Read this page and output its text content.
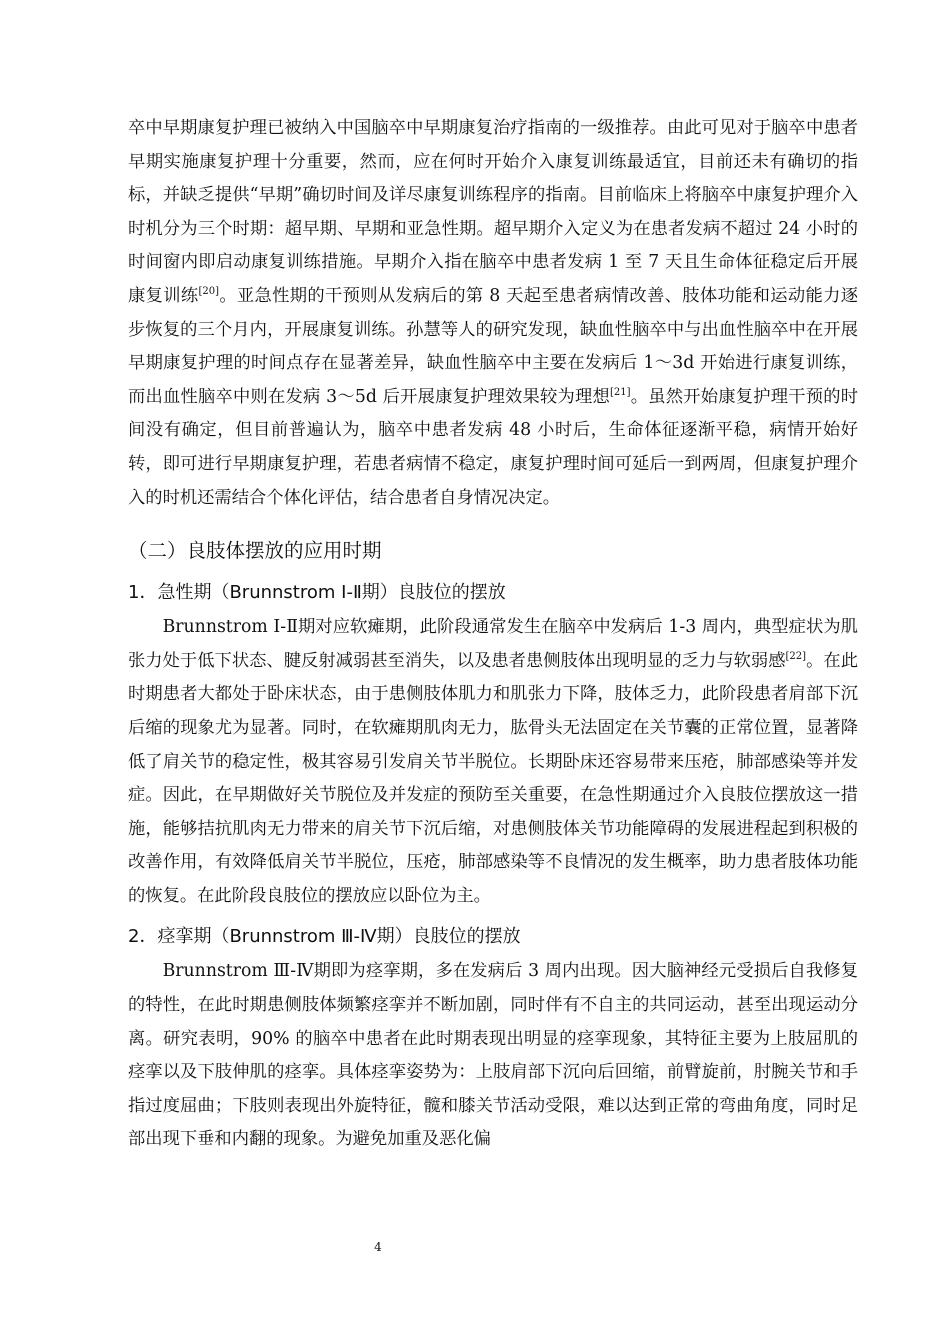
卒中早期康复护理已被纳入中国脑卒中早期康复治疗指南的一级推荐。由此可见对于脑卒中患者早期实施康复护理十分重要，然而，应在何时开始介入康复训练最适宜，目前还未有确切的指标，并缺乏提供“早期”确切时间及详尽康复训练程序的指南。目前临床上将脑卒中康复护理介入时机分为三个时期：超早期、早期和亚急性期。超早期介入定义为在患者发病不超过 24 小时的时间窗内即启动康复训练措施。早期介入指在脑卒中患者发病 1 至 7 天且生命体征稳定后开展康复训练[20]。亚急性期的干预则从发病后的第 8 天起至患者病情改善、肢体功能和运动能力逐步恢复的三个月内，开展康复训练。孙慧等人的研究发现，缺血性脑卒中与出血性脑卒中在开展早期康复护理的时间点存在显著差异，缺血性脑卒中主要在发病后 1～3d 开始进行康复训练，而出血性脑卒中则在发病 3～5d 后开展康复护理效果较为理想[21]。虽然开始康复护理干预的时间没有确定，但目前普遍认为，脑卒中患者发病 48 小时后，生命体征逐渐平稳，病情开始好转，即可进行早期康复护理，若患者病情不稳定，康复护理时间可延后一到两周，但康复护理介入的时机还需结合个体化评估，结合患者自身情况决定。

（二）良肢体摆放的应用时期
1．急性期（Brunnstrom Ⅰ-Ⅱ期）良肢位的摆放

Brunnstrom Ⅰ-Ⅱ期对应软瘫期，此阶段通常发生在脑卒中发病后 1-3 周内，典型症状为肌张力处于低下状态、腱反射减弱甚至消失，以及患者患侧肢体出现明显的乏力与软弱感[22]。在此时期患者大都处于卧床状态，由于患侧肢体肌力和肌张力下降，肢体乏力，此阶段患者肩部下沉后缩的现象尤为显著。同时，在软瘫期肌肉无力，肱骨头无法固定在关节囊的正常位置，显著降低了肩关节的稳定性，极其容易引发肩关节半脱位。长期卧床还容易带来压疮，肺部感染等并发症。因此，在早期做好关节脱位及并发症的预防至关重要，在急性期通过介入良肢位摆放这一措施，能够拮抗肌肉无力带来的肩关节下沉后缩，对患侧肢体关节功能障碍的发展进程起到积极的改善作用，有效降低肩关节半脱位，压疮，肺部感染等不良情况的发生概率，助力患者肢体功能的恢复。在此阶段良肢位的摆放应以卧位为主。

2．痉挛期（Brunnstrom Ⅲ-Ⅳ期）良肢位的摆放

Brunnstrom Ⅲ-Ⅳ期即为痉挛期，多在发病后 3 周内出现。因大脑神经元受损后自我修复的特性，在此时期患侧肢体频繁痉挛并不断加剧，同时伴有不自主的共同运动，甚至出现运动分离。研究表明，90% 的脑卒中患者在此时期表现出明显的痉挛现象，其特征主要为上肢屈肌的痉挛以及下肢伸肌的痉挛。具体痉挛姿势为：上肢肩部下沉向后回缩，前臂旋前，肘腕关节和手指过度屈曲；下肢则表现出外旋特征，髋和膝关节活动受限，难以达到正常的弯曲角度，同时足部出现下垂和内翻的现象。为避免加重及恶化偏

4
